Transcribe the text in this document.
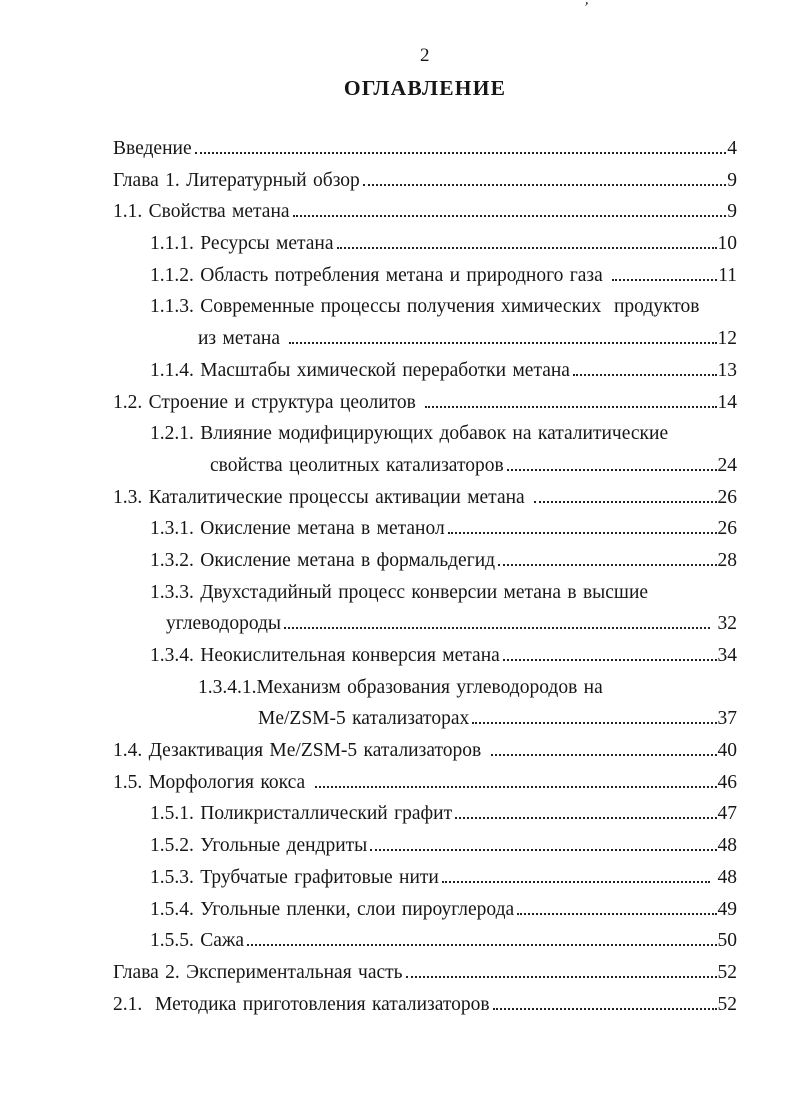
’
2
ОГЛАВЛЕНИЕ
Введение	4
Глава 1. Литературный обзор	9
1.1. Свойства метана	9
1.1.1. Ресурсы метана	10
1.1.2. Область потребления метана и природного газа	11
1.1.3. Современные процессы получения химических  продуктов
из метана	12
1.1.4. Масштабы химической переработки метана	13
1.2. Строение и структура цеолитов	14
1.2.1. Влияние модифицирующих добавок на каталитические
свойства цеолитных катализаторов	24
1.3. Каталитические процессы активации метана	26
1.3.1. Окисление метана в метанол	26
1.3.2. Окисление метана в формальдегид	28
1.3.3. Двухстадийный процесс конверсии метана в высшие
углеводороды	32
1.3.4. Неокислительная конверсия метана	34
1.3.4.1.Механизм образования углеводородов на
Me/ZSM-5 катализаторах	37
1.4. Дезактивация Me/ZSM-5 катализаторов	40
1.5. Морфология кокса	46
1.5.1. Поликристаллический графит	47
1.5.2. Угольные дендриты	48
1.5.3. Трубчатые графитовые нити	48
1.5.4. Угольные пленки, слои пироуглерода	49
1.5.5. Сажа	50
Глава 2. Экспериментальная часть	52
2.1.  Методика приготовления катализаторов	52
